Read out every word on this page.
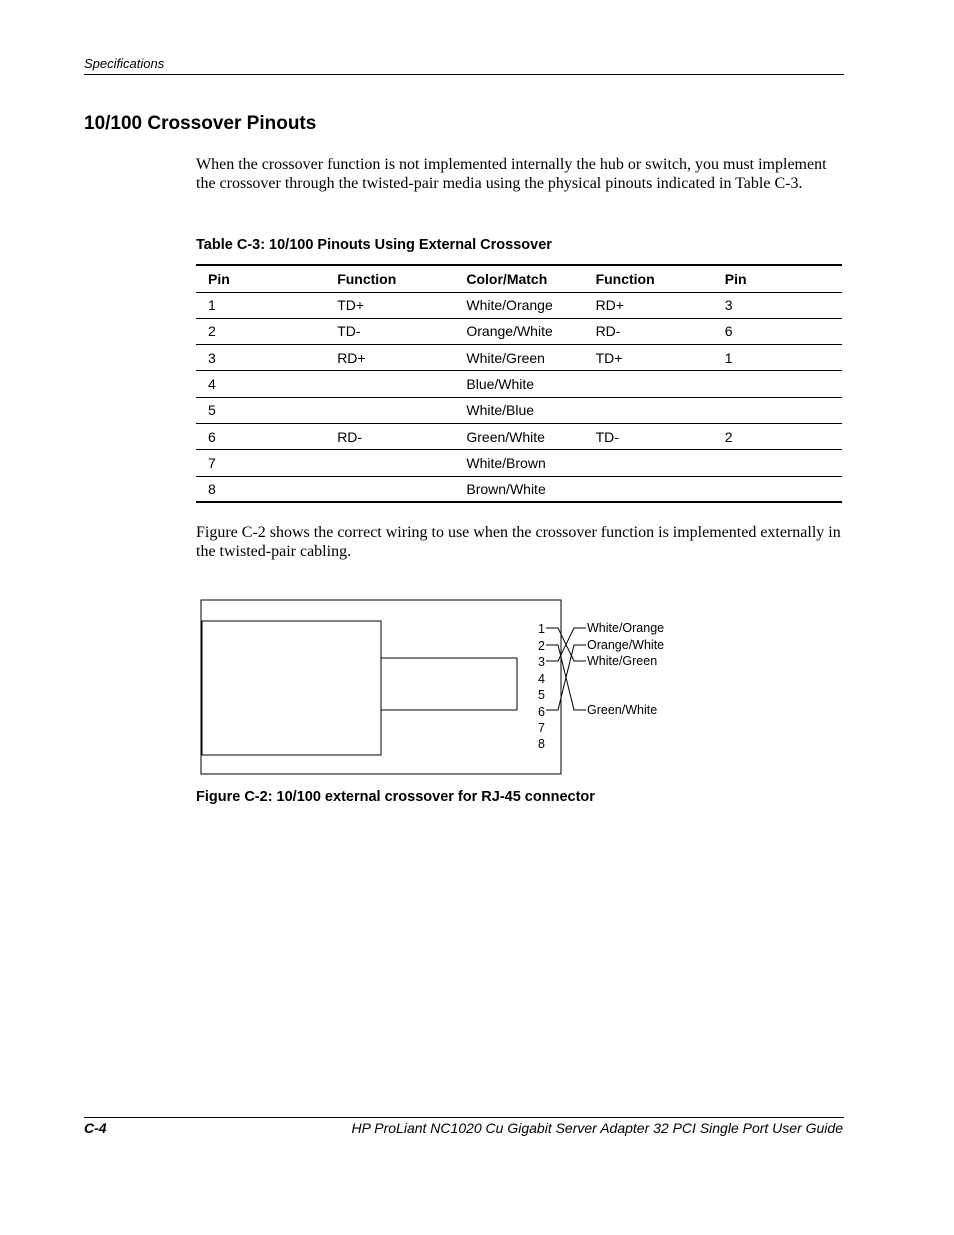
Specifications
10/100 Crossover Pinouts

When the crossover function is not implemented internally the hub or switch, you must implement the crossover through the twisted-pair media using the physical pinouts indicated in Table C-3.

Table C-3: 10/100 Pinouts Using External Crossover

Pin	Function	Color/Match	Function	Pin
1	TD+	White/Orange	RD+	3
2	TD-	Orange/White	RD-	6
3	RD+	White/Green	TD+	1
4		Blue/White		
5		White/Blue		
6	RD-	Green/White	TD-	2
7		White/Brown		
8		Brown/White		

Figure C-2 shows the correct wiring to use when the crossover function is implemented externally in the twisted-pair cabling.

1
2
3
4
5
6
7
8
White/Orange
Orange/White
White/Green
Green/White

Figure C-2: 10/100 external crossover for RJ-45 connector

C-4	HP ProLiant NC1020 Cu Gigabit Server Adapter 32 PCI Single Port User Guide
